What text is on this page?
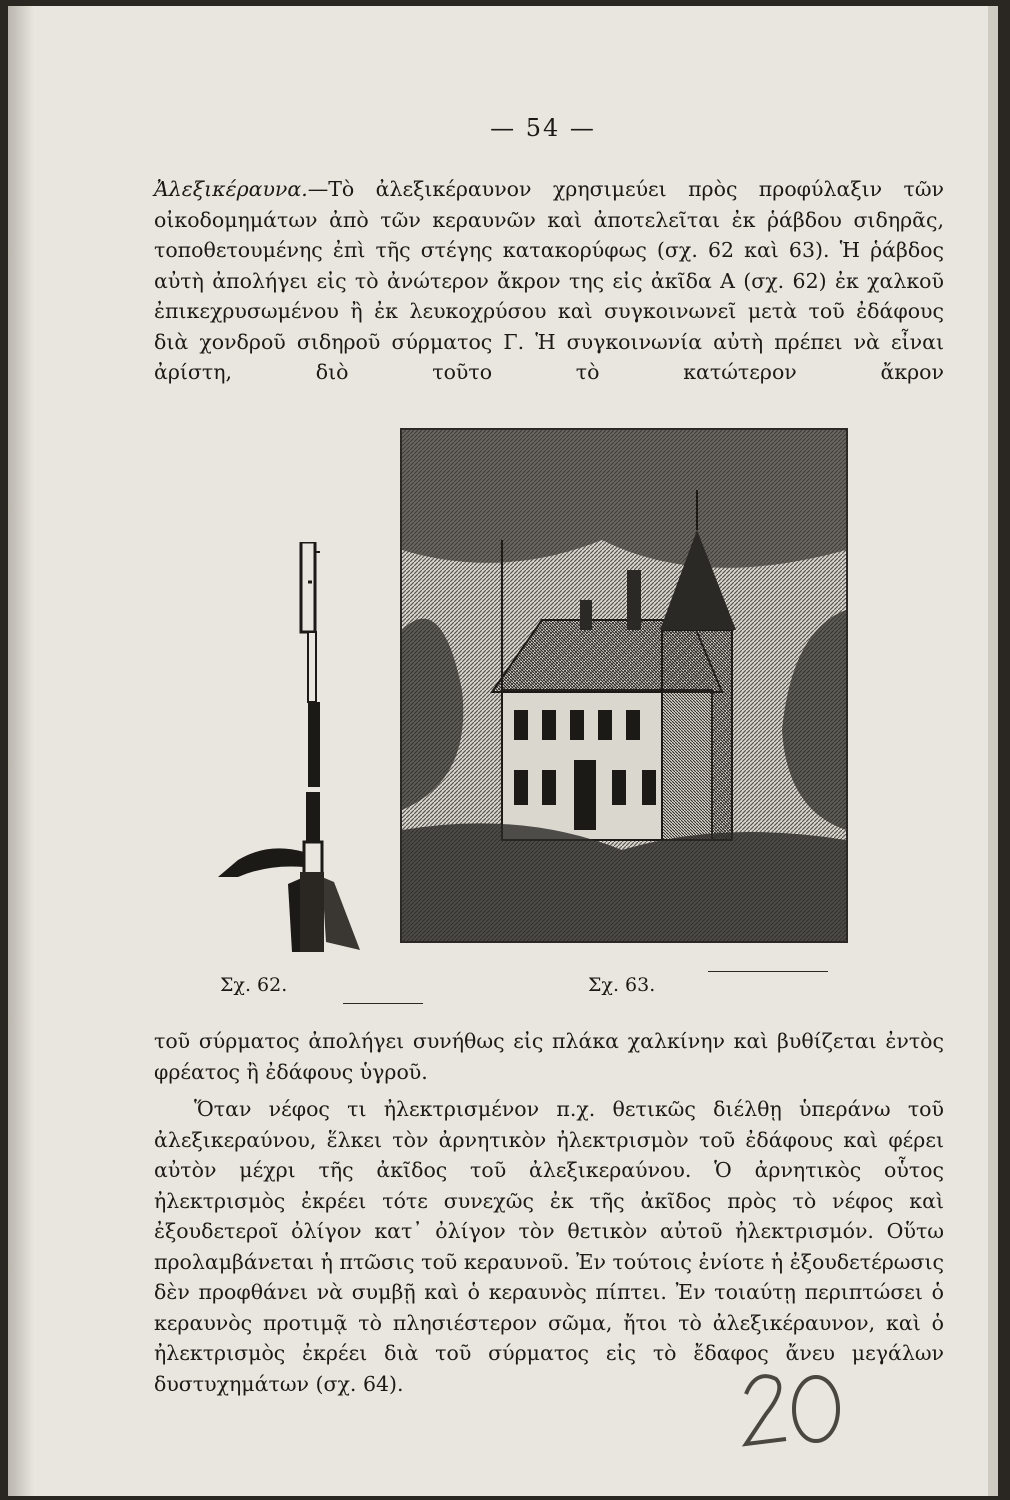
— 54 —

Ἀλεξικέραυνα.—Τὸ ἀλεξικέραυνον χρησιμεύει πρὸς προφύλαξιν τῶν οἰκοδομημάτων ἀπὸ τῶν κεραυνῶν καὶ ἀποτελεῖται ἐκ ῥάβδου σιδηρᾶς, τοποθετουμένης ἐπὶ τῆς στέγης κατακορύφως (σχ. 62 καὶ 63). Ἡ ῥάβδος αὐτὴ ἀπολήγει εἰς τὸ ἀνώτερον ἄκρον της εἰς ἀκῖδα Α (σχ. 62) ἐκ χαλκοῦ ἐπικεχρυσωμένου ἢ ἐκ λευκοχρύσου καὶ συγκοινωνεῖ μετὰ τοῦ ἐδάφους διὰ χονδροῦ σιδηροῦ σύρματος Γ. Ἡ συγκοινωνία αὐτὴ πρέπει νὰ εἶναι ἀρίστη, διὸ τοῦτο τὸ κατώτερον ἄκρον

Σχ. 62.	Σχ. 63.

τοῦ σύρματος ἀπολήγει συνήθως εἰς πλάκα χαλκίνην καὶ βυθίζεται ἐντὸς φρέατος ἢ ἐδάφους ὑγροῦ.

Ὅταν νέφος τι ἠλεκτρισμένον π.χ. θετικῶς διέλθῃ ὑπεράνω τοῦ ἀλεξικεραύνου, ἕλκει τὸν ἀρνητικὸν ἠλεκτρισμὸν τοῦ ἐδάφους καὶ φέρει αὐτὸν μέχρι τῆς ἀκῖδος τοῦ ἀλεξικεραύνου. Ὁ ἀρνητικὸς οὗτος ἠλεκτρισμὸς ἐκρέει τότε συνεχῶς ἐκ τῆς ἀκῖδος πρὸς τὸ νέφος καὶ ἐξουδετεροῖ ὀλίγον κατ᾿ ὀλίγον τὸν θετικὸν αὐτοῦ ἠλεκτρισμόν. Οὕτω προλαμβάνεται ἡ πτῶσις τοῦ κεραυνοῦ. Ἐν τούτοις ἐνίοτε ἡ ἐξουδετέρωσις δὲν προφθάνει νὰ συμβῇ καὶ ὁ κεραυνὸς πίπτει. Ἐν τοιαύτῃ περιπτώσει ὁ κεραυνὸς προτιμᾷ τὸ πλησιέστερον σῶμα, ἤτοι τὸ ἀλεξικέραυνον, καὶ ὁ ἠλεκτρισμὸς ἐκρέει διὰ τοῦ σύρματος εἰς τὸ ἔδαφος ἄνευ μεγάλων δυστυχημάτων (σχ. 64).
